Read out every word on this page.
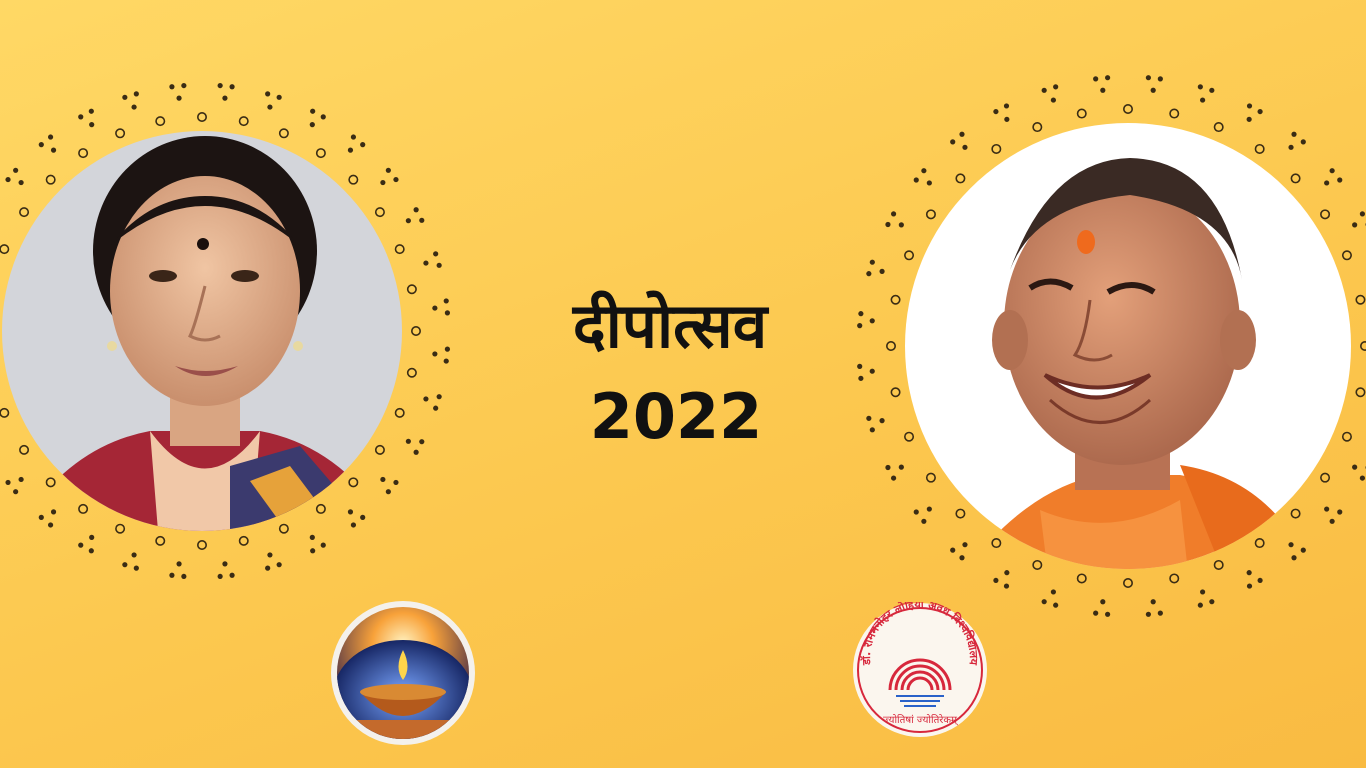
दीपोत्सव
2022
डॉ. राममनोहर लोहिया अवध विश्वविद्यालय
ज्योतिषां ज्योतिरेकम्
